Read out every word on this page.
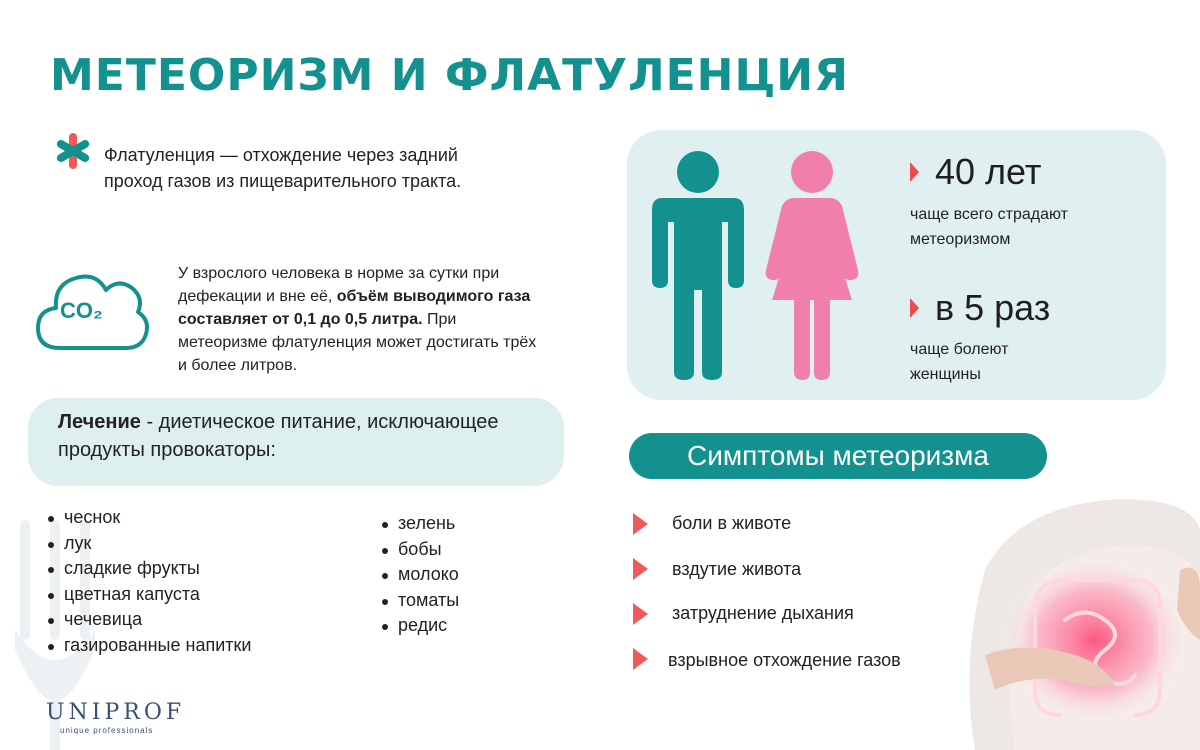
МЕТЕОРИЗМ И ФЛАТУЛЕНЦИЯ
Флатуленция — отхождение через задний проход газов из пищеварительного тракта.
CO₂
У взрослого человека в норме за сутки при дефекации и вне её, объём выводимого газа составляет от 0,1 до 0,5 литра. При метеоризме флатуленция может достигать трёх и более литров.
Лечение - диетическое питание, исключающее продукты провокаторы:
чеснок
лук
сладкие фрукты
цветная капуста
чечевица
газированные напитки
зелень
бобы
молоко
томаты
редис
40 лет
чаще всего страдают
метеоризмом
в 5 раз
чаще болеют
женщины
Симптомы метеоризма
боли в животе
вздутие живота
затруднение дыхания
взрывное отхождение газов
UNIPROF
unique professionals
